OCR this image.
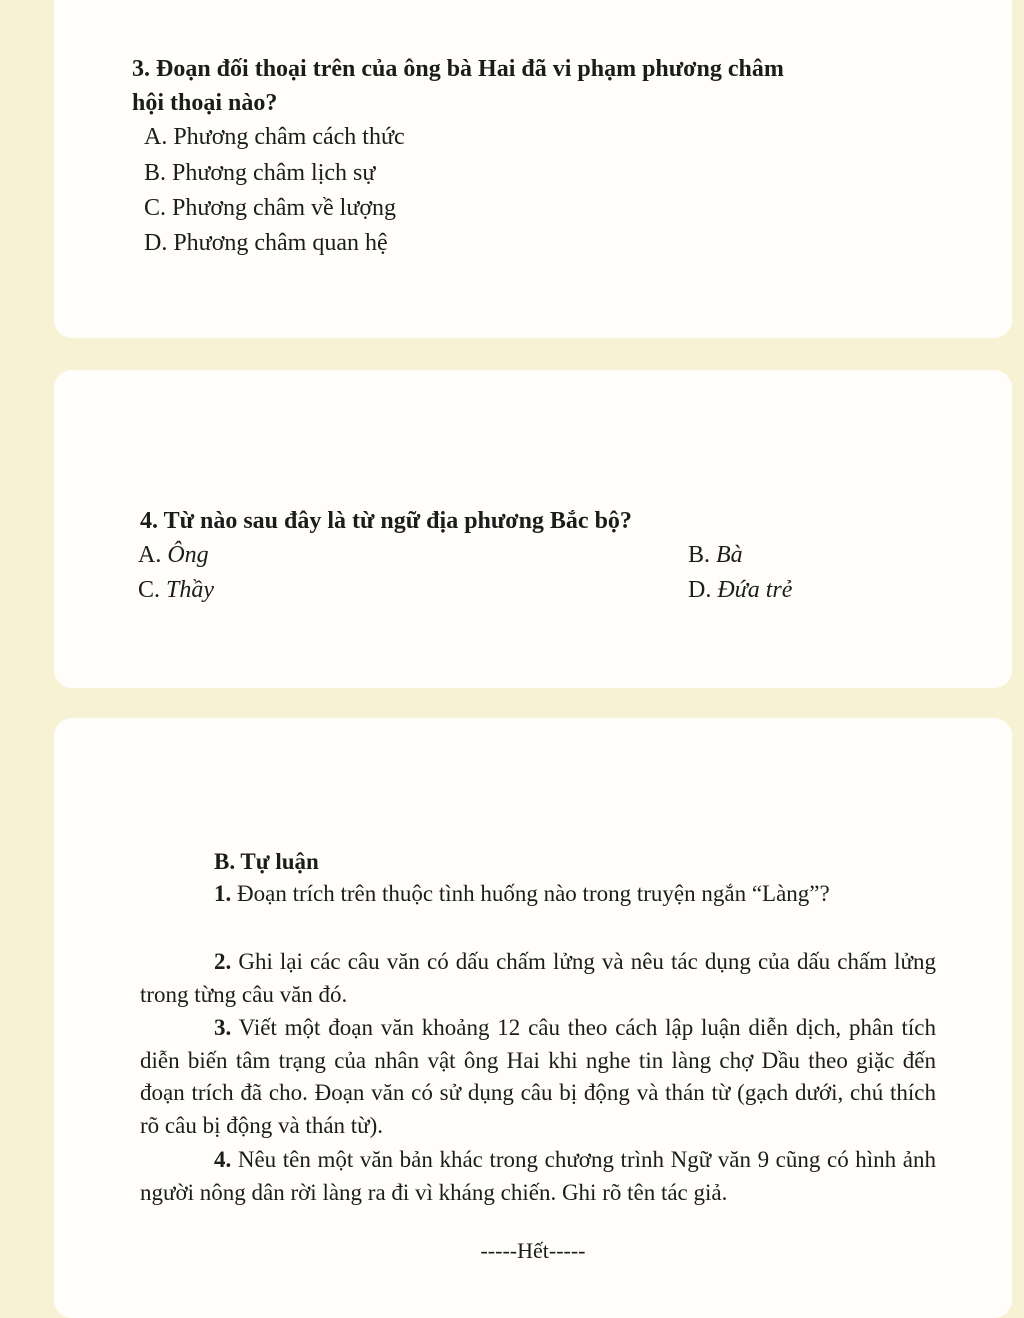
3. Đoạn đối thoại trên của ông bà Hai đã vi phạm phương châm
hội thoại nào?
A. Phương châm cách thức
B. Phương châm lịch sự
C. Phương châm về lượng
D. Phương châm quan hệ
4. Từ nào sau đây là từ ngữ địa phương Bắc bộ?
A. Ông	B. Bà
C. Thầy	D. Đứa trẻ
B. Tự luận
1. Đoạn trích trên thuộc tình huống nào trong truyện ngắn “Làng”?
2. Ghi lại các câu văn có dấu chấm lửng và nêu tác dụng của dấu chấm lửng trong từng câu văn đó.
3. Viết một đoạn văn khoảng 12 câu theo cách lập luận diễn dịch, phân tích diễn biến tâm trạng của nhân vật ông Hai khi nghe tin làng chợ Dầu theo giặc đến đoạn trích đã cho. Đoạn văn có sử dụng câu bị động và thán từ (gạch dưới, chú thích rõ câu bị động và thán từ).
4. Nêu tên một văn bản khác trong chương trình Ngữ văn 9 cũng có hình ảnh người nông dân rời làng ra đi vì kháng chiến. Ghi rõ tên tác giả.
-----Hết-----
